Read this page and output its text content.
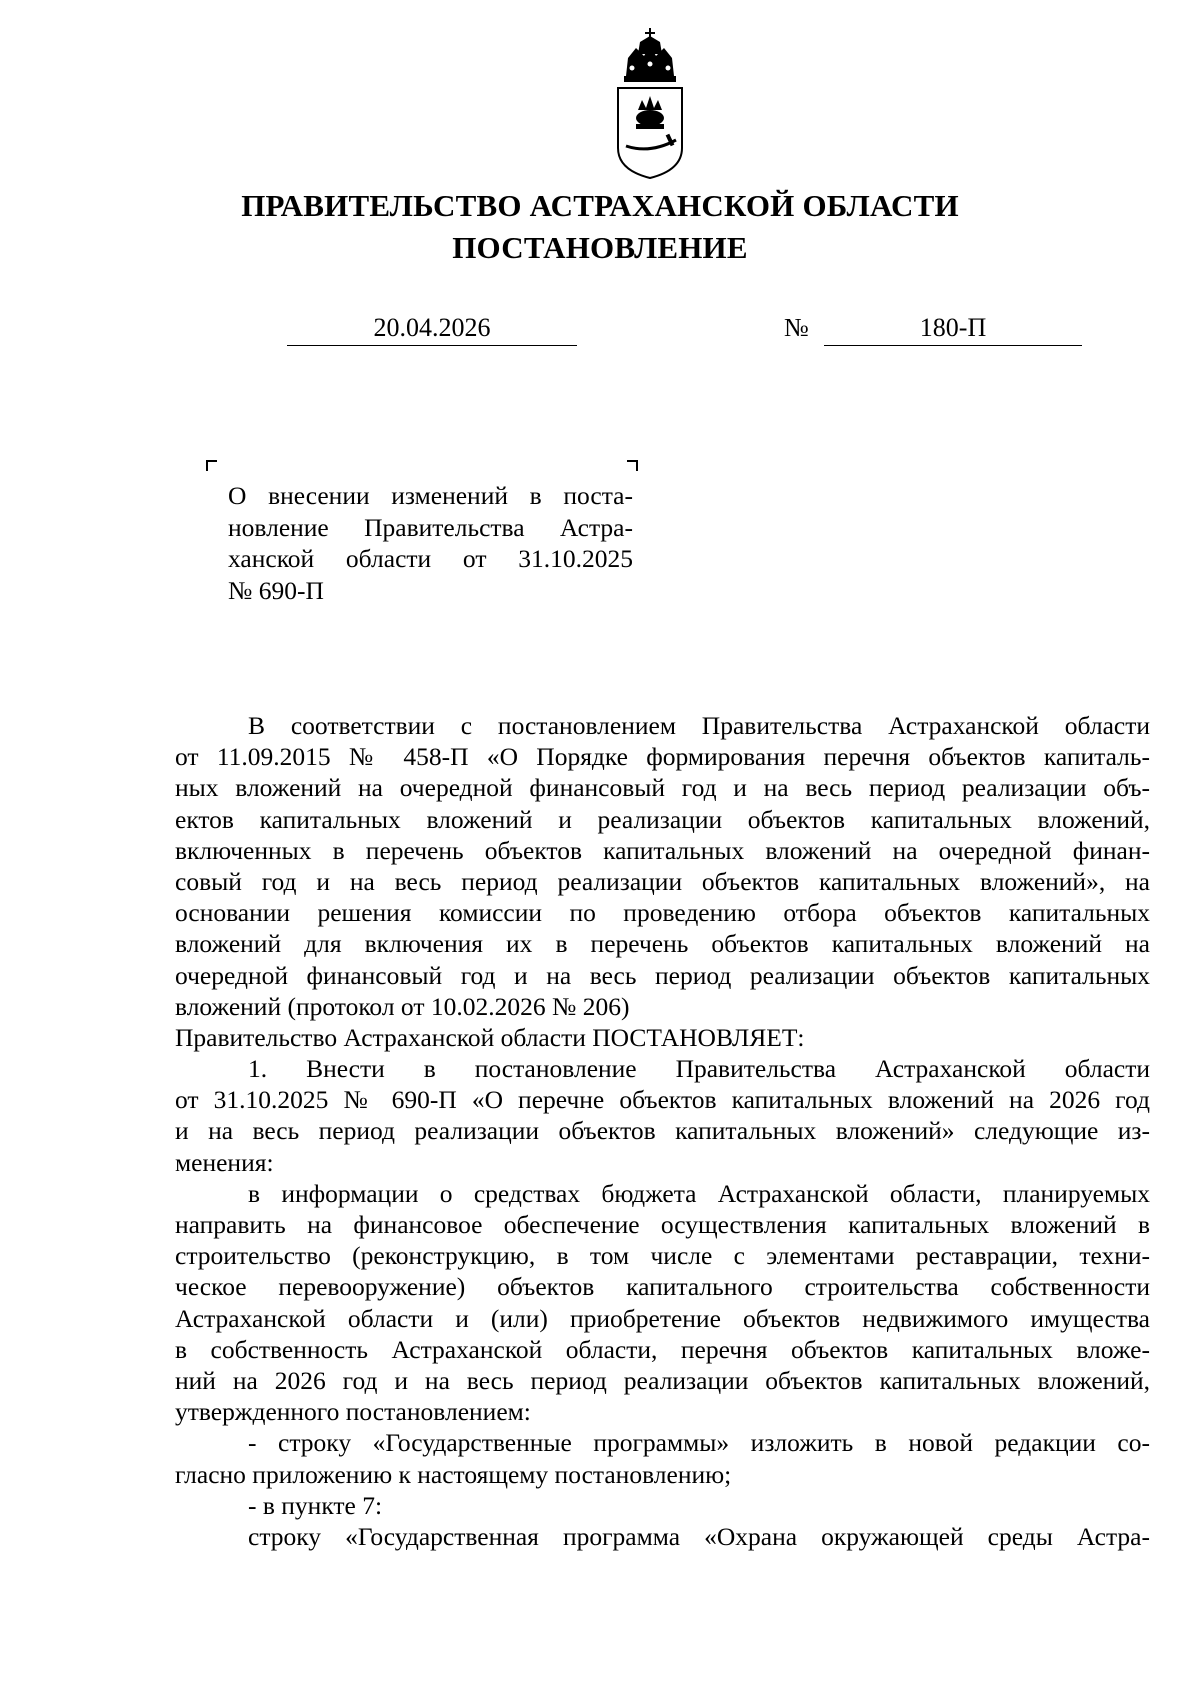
ПРАВИТЕЛЬСТВО АСТРАХАНСКОЙ ОБЛАСТИ
ПОСТАНОВЛЕНИЕ
20.04.2026	№	180-П
О внесении изменений в поста-
новление Правительства Астра-
ханской области от 31.10.2025
№ 690-П
В соответствии с постановлением Правительства Астраханской области
от 11.09.2015 № 458-П «О Порядке формирования перечня объектов капиталь-
ных вложений на очередной финансовый год и на весь период реализации объ-
ектов капитальных вложений и реализации объектов капитальных вложений,
включенных в перечень объектов капитальных вложений на очередной финан-
совый год и на весь период реализации объектов капитальных вложений», на
основании решения комиссии по проведению отбора объектов капитальных
вложений для включения их в перечень объектов капитальных вложений на
очередной финансовый год и на весь период реализации объектов капитальных
вложений (протокол от 10.02.2026 № 206)
Правительство Астраханской области ПОСТАНОВЛЯЕТ:
1. Внести в постановление Правительства Астраханской области
от 31.10.2025 № 690-П «О перечне объектов капитальных вложений на 2026 год
и на весь период реализации объектов капитальных вложений» следующие из-
менения:
в информации о средствах бюджета Астраханской области, планируемых
направить на финансовое обеспечение осуществления капитальных вложений в
строительство (реконструкцию, в том числе с элементами реставрации, техни-
ческое перевооружение) объектов капитального строительства собственности
Астраханской области и (или) приобретение объектов недвижимого имущества
в собственность Астраханской области, перечня объектов капитальных вложе-
ний на 2026 год и на весь период реализации объектов капитальных вложений,
утвержденного постановлением:
- строку «Государственные программы» изложить в новой редакции со-
гласно приложению к настоящему постановлению;
- в пункте 7:
строку «Государственная программа «Охрана окружающей среды Астра-
